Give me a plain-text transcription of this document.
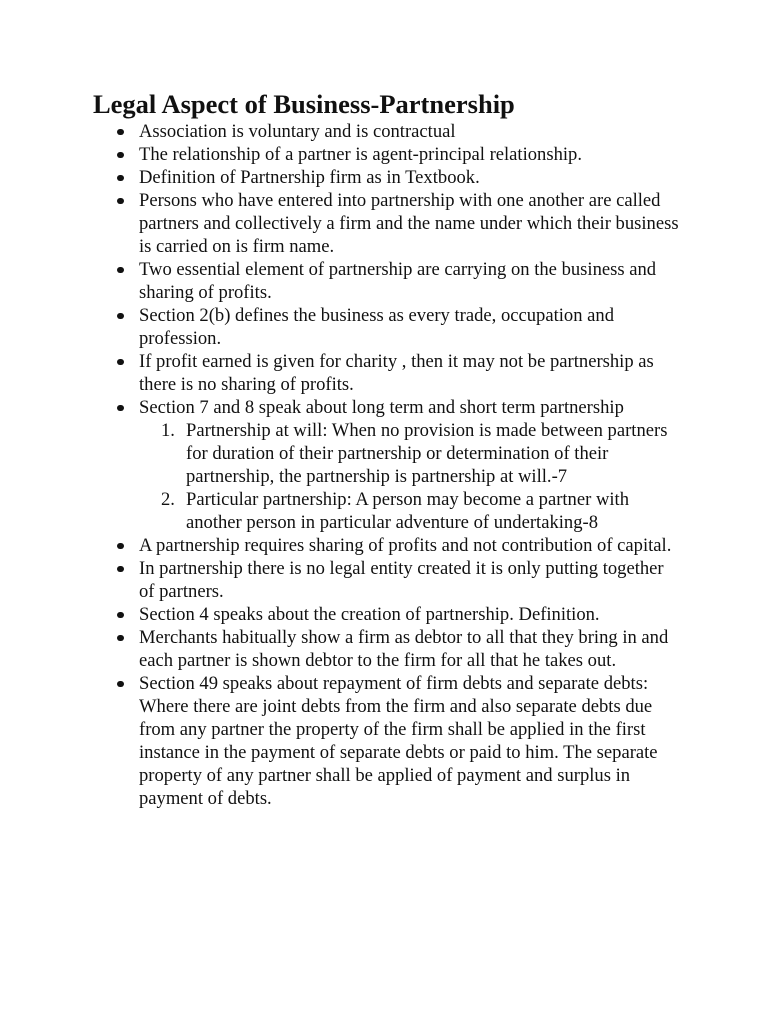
Legal Aspect of Business-Partnership
Association is voluntary and is contractual
The relationship of a partner is agent-principal relationship.
Definition of Partnership firm as in Textbook.
Persons who have entered into partnership with one another are called partners and collectively a firm and the name under which their business is carried on is firm name.
Two essential element of partnership are carrying on the business and sharing of profits.
Section 2(b) defines the business as every trade, occupation and profession.
If profit earned is given for charity , then it may not be partnership as there is no sharing of profits.
Section 7 and 8 speak about long term and short term partnership
1. Partnership at will: When no provision is made between partners for duration of their partnership or determination of their partnership, the partnership is partnership at will.-7
2. Particular partnership: A person may become a partner with another person in particular adventure of undertaking-8
A partnership requires sharing of profits and not contribution of capital.
In partnership there is no legal entity created it is only putting together of partners.
Section 4 speaks about the creation of partnership. Definition.
Merchants habitually show a firm as debtor to all that they bring in and each partner is shown debtor to the firm for all that he takes out.
Section 49 speaks about repayment of firm debts and separate debts: Where there are joint debts from the firm and also separate debts due from any partner the property of the firm shall be applied in the first instance in the payment of separate debts or paid to him. The separate property of any partner shall be applied of payment and surplus in payment of debts.
